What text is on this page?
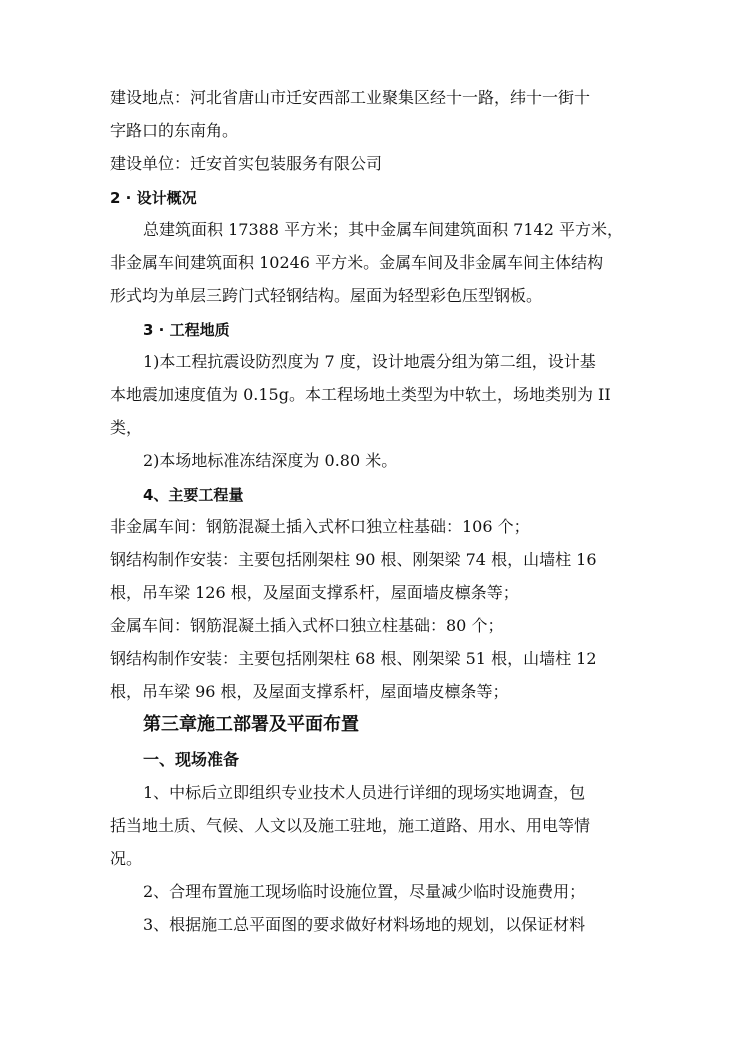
建设地点：河北省唐山市迁安西部工业聚集区经十一路，纬十一街十
字路口的东南角。
建设单位：迁安首实包装服务有限公司
2 · 设计概况
总建筑面积 17388 平方米；其中金属车间建筑面积 7142 平方米，
非金属车间建筑面积 10246 平方米。金属车间及非金属车间主体结构
形式均为单层三跨门式轻钢结构。屋面为轻型彩色压型钢板。
3 · 工程地质
1)本工程抗震设防烈度为 7 度，设计地震分组为第二组，设计基
本地震加速度值为 0.15g。本工程场地土类型为中软土，场地类别为 II
类，
2)本场地标准冻结深度为 0.80 米。
4、主要工程量
非金属车间：钢筋混凝土插入式杯口独立柱基础：106 个；
钢结构制作安装：主要包括刚架柱 90 根、刚架梁 74 根，山墙柱 16
根，吊车梁 126 根，及屋面支撑系杆，屋面墙皮檩条等；
金属车间：钢筋混凝土插入式杯口独立柱基础：80 个；
钢结构制作安装：主要包括刚架柱 68 根、刚架梁 51 根，山墙柱 12
根，吊车梁 96 根，及屋面支撑系杆，屋面墙皮檩条等；
第三章施工部署及平面布置
一、现场准备
1、中标后立即组织专业技术人员进行详细的现场实地调查，包
括当地土质、气候、人文以及施工驻地，施工道路、用水、用电等情
况。
2、合理布置施工现场临时设施位置，尽量减少临时设施费用；
3、根据施工总平面图的要求做好材料场地的规划，以保证材料
